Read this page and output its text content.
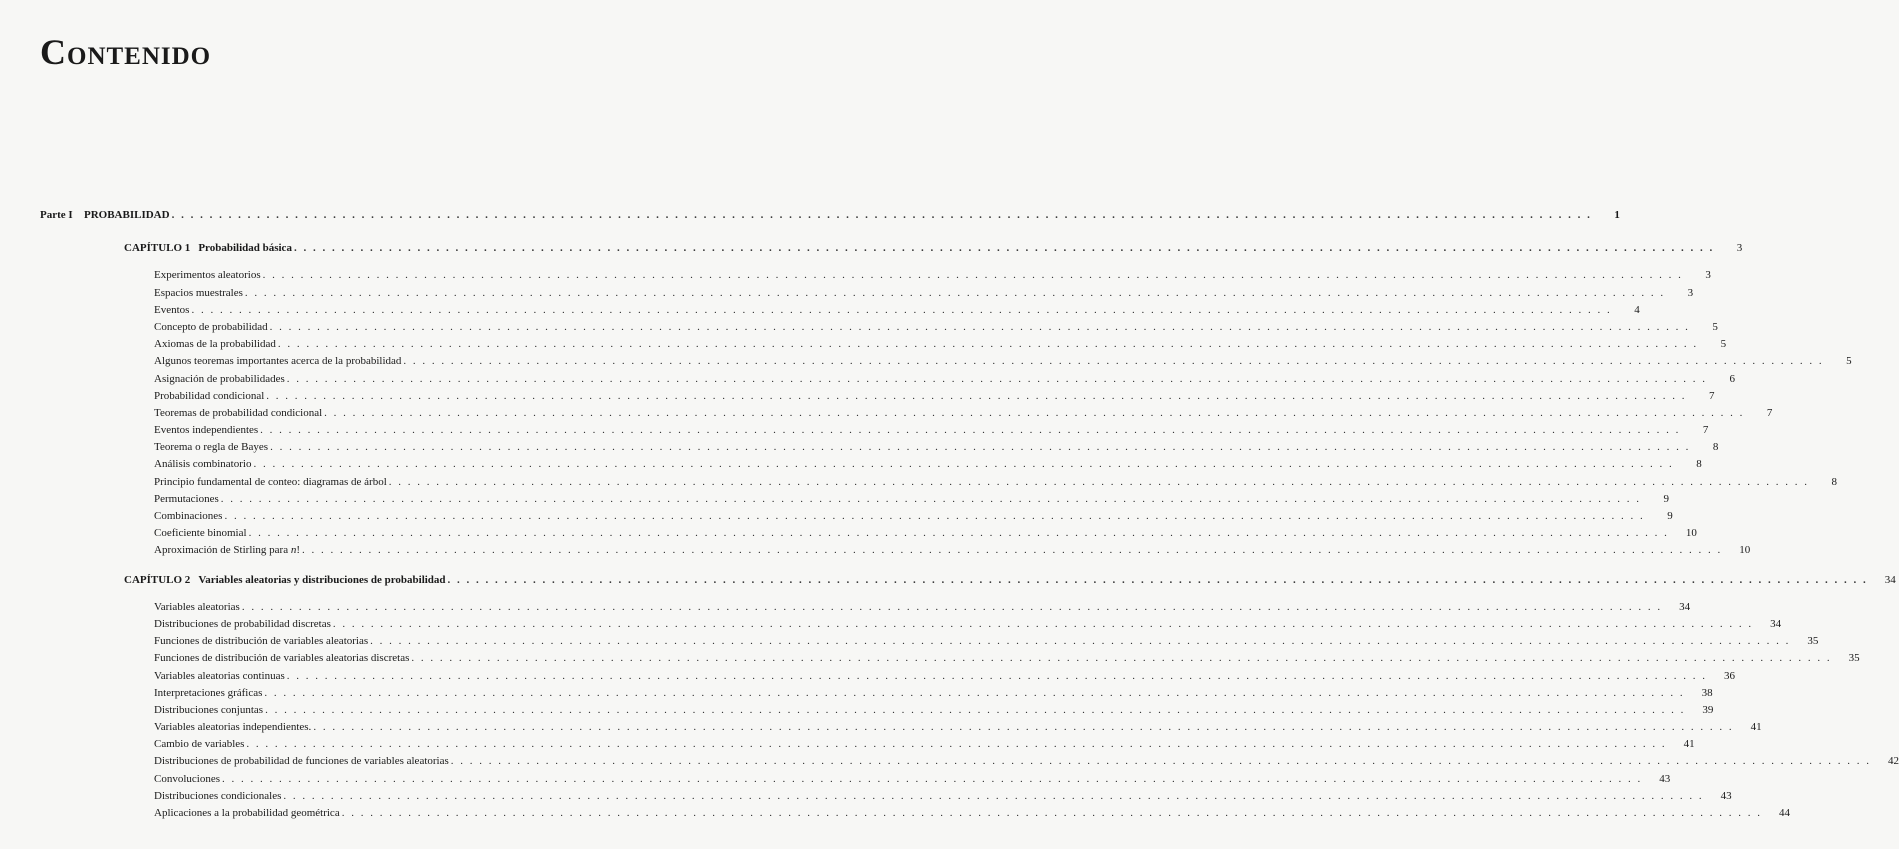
Contenido
Parte I PROBABILIDAD . . . . . . . . . . . . . . . . . . . . . . . . . . . . . . . . . . . . . . . . . . . . . . . . . . . . . . . . . . . . . . . . . . . . . . . . . . . . . . . . . . . . . . . . . . . . . . . . . . . . . . . . . . . . . . . . . . . . . . . . . . . . . . . . . . . . . . . . . . . . . . . . . . . . . .	1
CAPÍTULO 1 Probabilidad básica . . . . . . . . . . . . . . . . . . . . . . . . . . . . . . . . . . . . . . . . . . . . . . . . . . . . . . . . . . . . . . . . . . . . . . . . . . . . . . . . . . . . . . . . . . . . . . . . . . . . . . . . . . . . . . . . . . . . . . . . . . . . . . . . . . . . . . . . . . . . . . . . . . . . . .	3
Experimentos aleatorios . . . . . . . . . . . . . . . . . . . . . . . . . . . . . . . . . . . . . . . . . . . . . . . . . . . . . . . . . . . . . . . . . . . . . . . . . . . . . . . . . . . . . . . . . . . . . . . . . . . . . . . . . . . . . . . . . . . . . . . . . . . . . . . . . . . . . . . . . . . . . . . . . . . . . .	3
Espacios muestrales . . . . . . . . . . . . . . . . . . . . . . . . . . . . . . . . . . . . . . . . . . . . . . . . . . . . . . . . . . . . . . . . . . . . . . . . . . . . . . . . . . . . . . . . . . . . . . . . . . . . . . . . . . . . . . . . . . . . . . . . . . . . . . . . . . . . . . . . . . . . . . . . . . . . . .	3
Eventos . . . . . . . . . . . . . . . . . . . . . . . . . . . . . . . . . . . . . . . . . . . . . . . . . . . . . . . . . . . . . . . . . . . . . . . . . . . . . . . . . . . . . . . . . . . . . . . . . . . . . . . . . . . . . . . . . . . . . . . . . . . . . . . . . . . . . . . . . . . . . . . . . . . . . .	4
Concepto de probabilidad . . . . . . . . . . . . . . . . . . . . . . . . . . . . . . . . . . . . . . . . . . . . . . . . . . . . . . . . . . . . . . . . . . . . . . . . . . . . . . . . . . . . . . . . . . . . . . . . . . . . . . . . . . . . . . . . . . . . . . . . . . . . . . . . . . . . . . . . . . . . . . . . . . . . . .	5
Axiomas de la probabilidad . . . . . . . . . . . . . . . . . . . . . . . . . . . . . . . . . . . . . . . . . . . . . . . . . . . . . . . . . . . . . . . . . . . . . . . . . . . . . . . . . . . . . . . . . . . . . . . . . . . . . . . . . . . . . . . . . . . . . . . . . . . . . . . . . . . . . . . . . . . . . . . . . . . . . .	5
Algunos teoremas importantes acerca de la probabilidad . . . . . . . . . . . . . . . . . . . . . . . . . . . . . . . . . . . . . . . . . . . . . . . . . . . . . . . . . . . . . . . . . . . . . . . . . . . . . . . . . . . . . . . . . . . . . . . . . . . . . . . . . . . . . . . . . . . . . . . . . . . . . . . . . . . . . . . . . . . . . . . . . . . . . .	5
Asignación de probabilidades . . . . . . . . . . . . . . . . . . . . . . . . . . . . . . . . . . . . . . . . . . . . . . . . . . . . . . . . . . . . . . . . . . . . . . . . . . . . . . . . . . . . . . . . . . . . . . . . . . . . . . . . . . . . . . . . . . . . . . . . . . . . . . . . . . . . . . . . . . . . . . . . . . . . . .	6
Probabilidad condicional . . . . . . . . . . . . . . . . . . . . . . . . . . . . . . . . . . . . . . . . . . . . . . . . . . . . . . . . . . . . . . . . . . . . . . . . . . . . . . . . . . . . . . . . . . . . . . . . . . . . . . . . . . . . . . . . . . . . . . . . . . . . . . . . . . . . . . . . . . . . . . . . . . . . . .	7
Teoremas de probabilidad condicional . . . . . . . . . . . . . . . . . . . . . . . . . . . . . . . . . . . . . . . . . . . . . . . . . . . . . . . . . . . . . . . . . . . . . . . . . . . . . . . . . . . . . . . . . . . . . . . . . . . . . . . . . . . . . . . . . . . . . . . . . . . . . . . . . . . . . . . . . . . . . . . . . . . . . .	7
Eventos independientes . . . . . . . . . . . . . . . . . . . . . . . . . . . . . . . . . . . . . . . . . . . . . . . . . . . . . . . . . . . . . . . . . . . . . . . . . . . . . . . . . . . . . . . . . . . . . . . . . . . . . . . . . . . . . . . . . . . . . . . . . . . . . . . . . . . . . . . . . . . . . . . . . . . . . .	7
Teorema o regla de Bayes . . . . . . . . . . . . . . . . . . . . . . . . . . . . . . . . . . . . . . . . . . . . . . . . . . . . . . . . . . . . . . . . . . . . . . . . . . . . . . . . . . . . . . . . . . . . . . . . . . . . . . . . . . . . . . . . . . . . . . . . . . . . . . . . . . . . . . . . . . . . . . . . . . . . . .	8
Análisis combinatorio . . . . . . . . . . . . . . . . . . . . . . . . . . . . . . . . . . . . . . . . . . . . . . . . . . . . . . . . . . . . . . . . . . . . . . . . . . . . . . . . . . . . . . . . . . . . . . . . . . . . . . . . . . . . . . . . . . . . . . . . . . . . . . . . . . . . . . . . . . . . . . . . . . . . . .	8
Principio fundamental de conteo: diagramas de árbol . . . . . . . . . . . . . . . . . . . . . . . . . . . . . . . . . . . . . . . . . . . . . . . . . . . . . . . . . . . . . . . . . . . . . . . . . . . . . . . . . . . . . . . . . . . . . . . . . . . . . . . . . . . . . . . . . . . . . . . . . . . . . . . . . . . . . . . . . . . . . . . . . . . . . .	8
Permutaciones . . . . . . . . . . . . . . . . . . . . . . . . . . . . . . . . . . . . . . . . . . . . . . . . . . . . . . . . . . . . . . . . . . . . . . . . . . . . . . . . . . . . . . . . . . . . . . . . . . . . . . . . . . . . . . . . . . . . . . . . . . . . . . . . . . . . . . . . . . . . . . . . . . . . . .	9
Combinaciones . . . . . . . . . . . . . . . . . . . . . . . . . . . . . . . . . . . . . . . . . . . . . . . . . . . . . . . . . . . . . . . . . . . . . . . . . . . . . . . . . . . . . . . . . . . . . . . . . . . . . . . . . . . . . . . . . . . . . . . . . . . . . . . . . . . . . . . . . . . . . . . . . . . . . .	9
Coeficiente binomial . . . . . . . . . . . . . . . . . . . . . . . . . . . . . . . . . . . . . . . . . . . . . . . . . . . . . . . . . . . . . . . . . . . . . . . . . . . . . . . . . . . . . . . . . . . . . . . . . . . . . . . . . . . . . . . . . . . . . . . . . . . . . . . . . . . . . . . . . . . . . . . . . . . . . .	10
Aproximación de Stirling para n! . . . . . . . . . . . . . . . . . . . . . . . . . . . . . . . . . . . . . . . . . . . . . . . . . . . . . . . . . . . . . . . . . . . . . . . . . . . . . . . . . . . . . . . . . . . . . . . . . . . . . . . . . . . . . . . . . . . . . . . . . . . . . . . . . . . . . . . . . . . . . . . . . . . . . .	10
CAPÍTULO 2 Variables aleatorias y distribuciones de probabilidad . . . . . . . . . . . . . . . . . . . . . . . . . . . . . . . . . . . . . . . . . . . . . . . . . . . . . . . . . . . . . . . . . . . . . . . . . . . . . . . . . . . . . . . . . . . . . . . . . . . . . . . . . . . . . . . . . . . . . . . . . . . . . . . . . . . . . . . . . . . . . . . . . . . . . .	34
Variables aleatorias . . . . . . . . . . . . . . . . . . . . . . . . . . . . . . . . . . . . . . . . . . . . . . . . . . . . . . . . . . . . . . . . . . . . . . . . . . . . . . . . . . . . . . . . . . . . . . . . . . . . . . . . . . . . . . . . . . . . . . . . . . . . . . . . . . . . . . . . . . . . . . . . . . . . . .	34
Distribuciones de probabilidad discretas . . . . . . . . . . . . . . . . . . . . . . . . . . . . . . . . . . . . . . . . . . . . . . . . . . . . . . . . . . . . . . . . . . . . . . . . . . . . . . . . . . . . . . . . . . . . . . . . . . . . . . . . . . . . . . . . . . . . . . . . . . . . . . . . . . . . . . . . . . . . . . . . . . . . . .	34
Funciones de distribución de variables aleatorias . . . . . . . . . . . . . . . . . . . . . . . . . . . . . . . . . . . . . . . . . . . . . . . . . . . . . . . . . . . . . . . . . . . . . . . . . . . . . . . . . . . . . . . . . . . . . . . . . . . . . . . . . . . . . . . . . . . . . . . . . . . . . . . . . . . . . . . . . . . . . . . . . . . . . .	35
Funciones de distribución de variables aleatorias discretas . . . . . . . . . . . . . . . . . . . . . . . . . . . . . . . . . . . . . . . . . . . . . . . . . . . . . . . . . . . . . . . . . . . . . . . . . . . . . . . . . . . . . . . . . . . . . . . . . . . . . . . . . . . . . . . . . . . . . . . . . . . . . . . . . . . . . . . . . . . . . . . . . . . . . .	35
Variables aleatorias continuas . . . . . . . . . . . . . . . . . . . . . . . . . . . . . . . . . . . . . . . . . . . . . . . . . . . . . . . . . . . . . . . . . . . . . . . . . . . . . . . . . . . . . . . . . . . . . . . . . . . . . . . . . . . . . . . . . . . . . . . . . . . . . . . . . . . . . . . . . . . . . . . . . . . . . .	36
Interpretaciones gráficas . . . . . . . . . . . . . . . . . . . . . . . . . . . . . . . . . . . . . . . . . . . . . . . . . . . . . . . . . . . . . . . . . . . . . . . . . . . . . . . . . . . . . . . . . . . . . . . . . . . . . . . . . . . . . . . . . . . . . . . . . . . . . . . . . . . . . . . . . . . . . . . . . . . . . .	38
Distribuciones conjuntas . . . . . . . . . . . . . . . . . . . . . . . . . . . . . . . . . . . . . . . . . . . . . . . . . . . . . . . . . . . . . . . . . . . . . . . . . . . . . . . . . . . . . . . . . . . . . . . . . . . . . . . . . . . . . . . . . . . . . . . . . . . . . . . . . . . . . . . . . . . . . . . . . . . . . .	39
Variables aleatorias independientes. . . . . . . . . . . . . . . . . . . . . . . . . . . . . . . . . . . . . . . . . . . . . . . . . . . . . . . . . . . . . . . . . . . . . . . . . . . . . . . . . . . . . . . . . . . . . . . . . . . . . . . . . . . . . . . . . . . . . . . . . . . . . . . . . . . . . . . . . . . . . . . . . . . . . . .	41
Cambio de variables . . . . . . . . . . . . . . . . . . . . . . . . . . . . . . . . . . . . . . . . . . . . . . . . . . . . . . . . . . . . . . . . . . . . . . . . . . . . . . . . . . . . . . . . . . . . . . . . . . . . . . . . . . . . . . . . . . . . . . . . . . . . . . . . . . . . . . . . . . . . . . . . . . . . . .	41
Distribuciones de probabilidad de funciones de variables aleatorias . . . . . . . . . . . . . . . . . . . . . . . . . . . . . . . . . . . . . . . . . . . . . . . . . . . . . . . . . . . . . . . . . . . . . . . . . . . . . . . . . . . . . . . . . . . . . . . . . . . . . . . . . . . . . . . . . . . . . . . . . . . . . . . . . . . . . . . . . . . . . . . . . . . . . .	42
Convoluciones . . . . . . . . . . . . . . . . . . . . . . . . . . . . . . . . . . . . . . . . . . . . . . . . . . . . . . . . . . . . . . . . . . . . . . . . . . . . . . . . . . . . . . . . . . . . . . . . . . . . . . . . . . . . . . . . . . . . . . . . . . . . . . . . . . . . . . . . . . . . . . . . . . . . . .	43
Distribuciones condicionales . . . . . . . . . . . . . . . . . . . . . . . . . . . . . . . . . . . . . . . . . . . . . . . . . . . . . . . . . . . . . . . . . . . . . . . . . . . . . . . . . . . . . . . . . . . . . . . . . . . . . . . . . . . . . . . . . . . . . . . . . . . . . . . . . . . . . . . . . . . . . . . . . . . . . .	43
Aplicaciones a la probabilidad geométrica . . . . . . . . . . . . . . . . . . . . . . . . . . . . . . . . . . . . . . . . . . . . . . . . . . . . . . . . . . . . . . . . . . . . . . . . . . . . . . . . . . . . . . . . . . . . . . . . . . . . . . . . . . . . . . . . . . . . . . . . . . . . . . . . . . . . . . . . . . . . . . . . . . . . . .	44
